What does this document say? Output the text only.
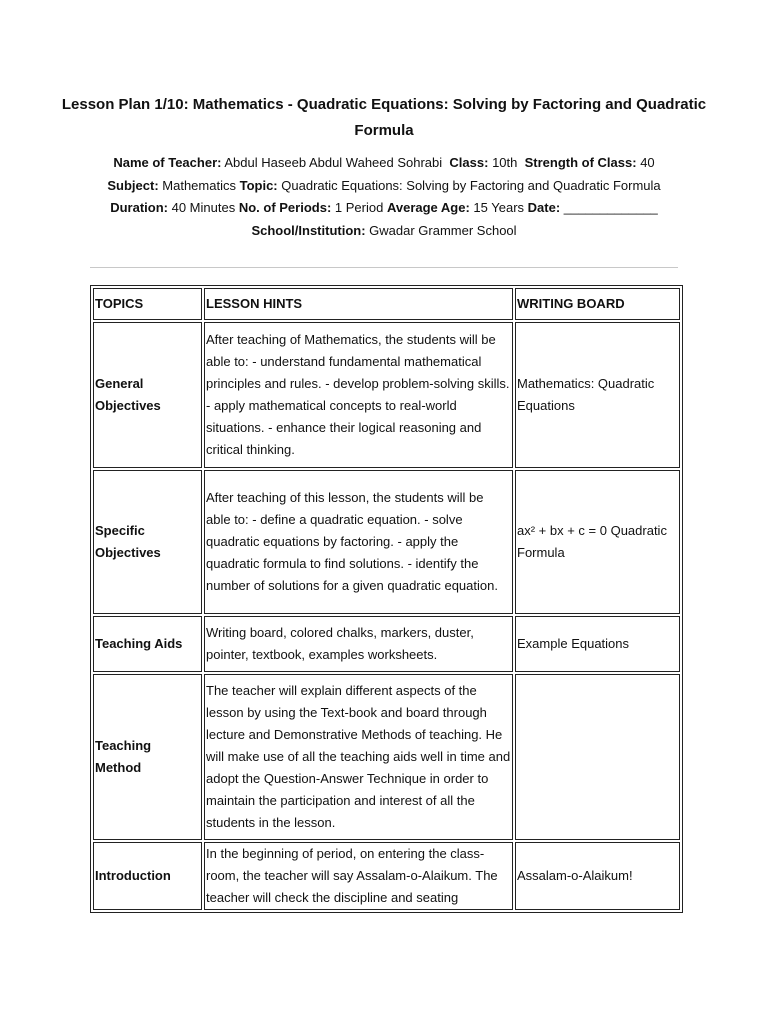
Lesson Plan 1/10: Mathematics - Quadratic Equations: Solving by Factoring and Quadratic Formula
Name of Teacher: Abdul Haseeb Abdul Waheed Sohrabi Class: 10th Strength of Class: 40
Subject: Mathematics Topic: Quadratic Equations: Solving by Factoring and Quadratic Formula
Duration: 40 Minutes No. of Periods: 1 Period Average Age: 15 Years Date: _____________
School/Institution: Gwadar Grammer School
TOPICS	LESSON HINTS	WRITING BOARD
General Objectives	After teaching of Mathematics, the students will be able to: - understand fundamental mathematical principles and rules. - develop problem-solving skills. - apply mathematical concepts to real-world situations. - enhance their logical reasoning and critical thinking.	Mathematics: Quadratic Equations
Specific Objectives	After teaching of this lesson, the students will be able to: - define a quadratic equation. - solve quadratic equations by factoring. - apply the quadratic formula to find solutions. - identify the number of solutions for a given quadratic equation.	ax² + bx + c = 0 Quadratic Formula
Teaching Aids	Writing board, colored chalks, markers, duster, pointer, textbook, examples worksheets.	Example Equations
Teaching Method	The teacher will explain different aspects of the lesson by using the Text-book and board through lecture and Demonstrative Methods of teaching. He will make use of all the teaching aids well in time and adopt the Question-Answer Technique in order to maintain the participation and interest of all the students in the lesson.	
Introduction	In the beginning of period, on entering the class-room, the teacher will say Assalam-o-Alaikum. The teacher will check the discipline and seating	Assalam-o-Alaikum!
